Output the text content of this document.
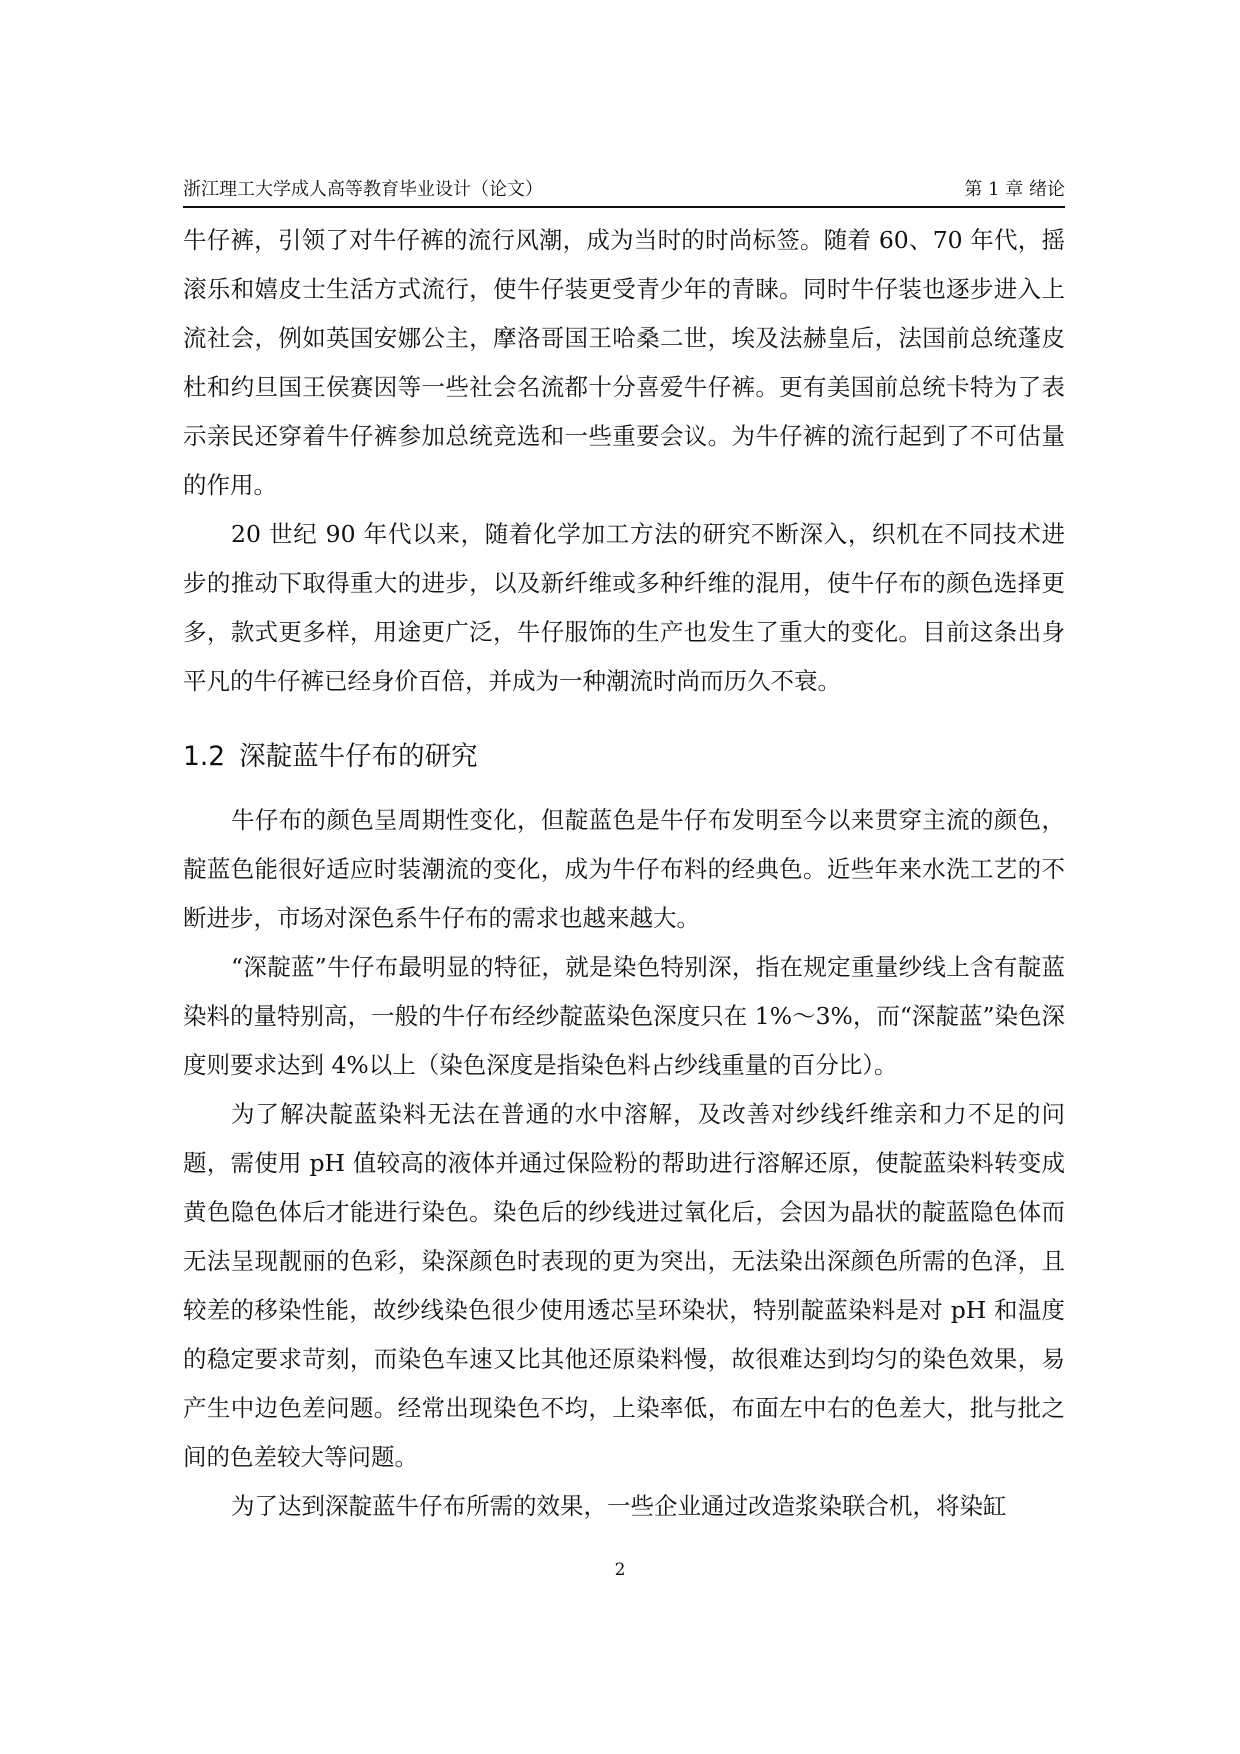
浙江理工大学成人高等教育毕业设计（论文）	第 1 章 绪论

牛仔裤，引领了对牛仔裤的流行风潮，成为当时的时尚标签。随着 60、70 年代，摇滚乐和嬉皮士生活方式流行，使牛仔装更受青少年的青睐。同时牛仔装也逐步进入上流社会，例如英国安娜公主，摩洛哥国王哈桑二世，埃及法赫皇后，法国前总统蓬皮杜和约旦国王侯赛因等一些社会名流都十分喜爱牛仔裤。更有美国前总统卡特为了表示亲民还穿着牛仔裤参加总统竞选和一些重要会议。为牛仔裤的流行起到了不可估量的作用。

20 世纪 90 年代以来，随着化学加工方法的研究不断深入，织机在不同技术进步的推动下取得重大的进步，以及新纤维或多种纤维的混用，使牛仔布的颜色选择更多，款式更多样，用途更广泛，牛仔服饰的生产也发生了重大的变化。目前这条出身平凡的牛仔裤已经身价百倍，并成为一种潮流时尚而历久不衰。

1.2 深靛蓝牛仔布的研究

牛仔布的颜色呈周期性变化，但靛蓝色是牛仔布发明至今以来贯穿主流的颜色，靛蓝色能很好适应时装潮流的变化，成为牛仔布料的经典色。近些年来水洗工艺的不断进步，市场对深色系牛仔布的需求也越来越大。

“深靛蓝”牛仔布最明显的特征，就是染色特别深，指在规定重量纱线上含有靛蓝染料的量特别高，一般的牛仔布经纱靛蓝染色深度只在 1%～3%，而“深靛蓝”染色深度则要求达到 4%以上（染色深度是指染色料占纱线重量的百分比）。

为了解决靛蓝染料无法在普通的水中溶解，及改善对纱线纤维亲和力不足的问题，需使用 pH 值较高的液体并通过保险粉的帮助进行溶解还原，使靛蓝染料转变成黄色隐色体后才能进行染色。染色后的纱线进过氧化后，会因为晶状的靛蓝隐色体而无法呈现靓丽的色彩，染深颜色时表现的更为突出，无法染出深颜色所需的色泽，且较差的移染性能，故纱线染色很少使用透芯呈环染状，特别靛蓝染料是对 pH 和温度的稳定要求苛刻，而染色车速又比其他还原染料慢，故很难达到均匀的染色效果，易产生中边色差问题。经常出现染色不均，上染率低，布面左中右的色差大，批与批之间的色差较大等问题。

为了达到深靛蓝牛仔布所需的效果，一些企业通过改造浆染联合机，将染缸

2
